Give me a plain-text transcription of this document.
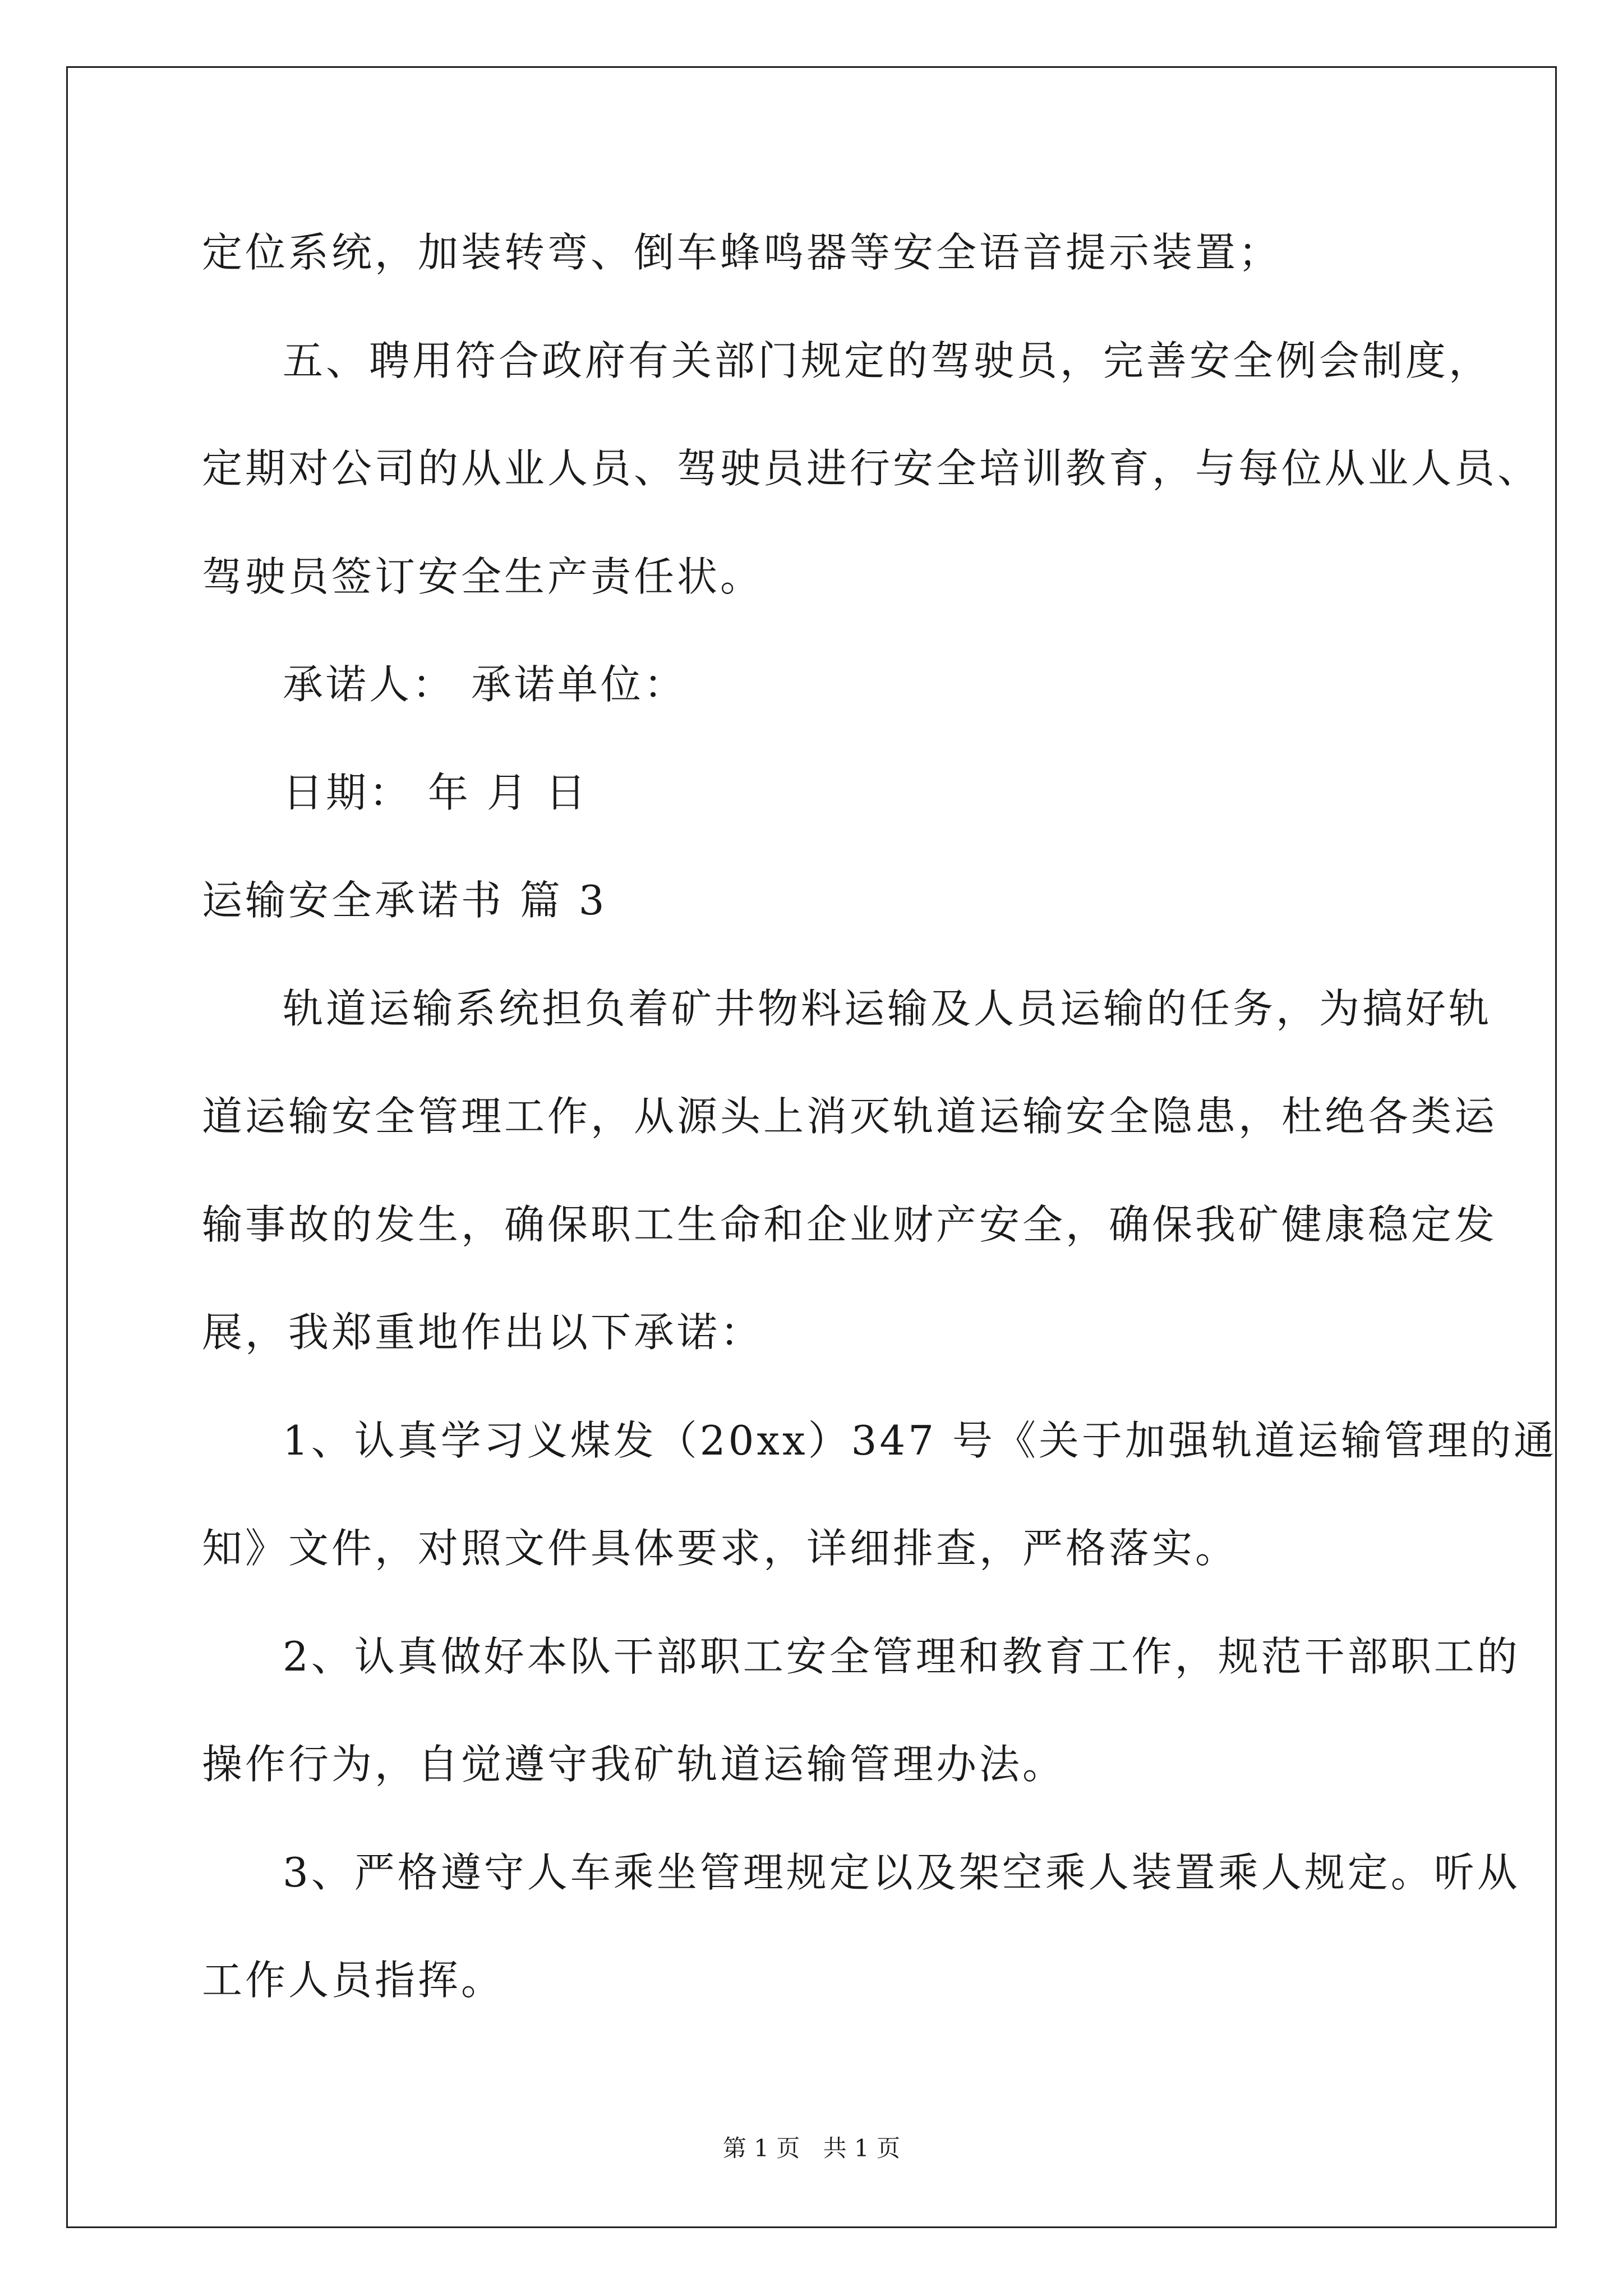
定位系统，加装转弯、倒车蜂鸣器等安全语音提示装置；
五、聘用符合政府有关部门规定的驾驶员，完善安全例会制度，
定期对公司的从业人员、驾驶员进行安全培训教育，与每位从业人员、
驾驶员签订安全生产责任状。
承诺人： 承诺单位：
日期： 年 月 日
运输安全承诺书 篇 3
轨道运输系统担负着矿井物料运输及人员运输的任务，为搞好轨
道运输安全管理工作，从源头上消灭轨道运输安全隐患，杜绝各类运
输事故的发生，确保职工生命和企业财产安全，确保我矿健康稳定发
展，我郑重地作出以下承诺：
1、认真学习义煤发（20xx）347 号《关于加强轨道运输管理的通
知》文件，对照文件具体要求，详细排查，严格落实。
2、认真做好本队干部职工安全管理和教育工作，规范干部职工的
操作行为，自觉遵守我矿轨道运输管理办法。
3、严格遵守人车乘坐管理规定以及架空乘人装置乘人规定。听从
工作人员指挥。
第 1 页 共 1 页
